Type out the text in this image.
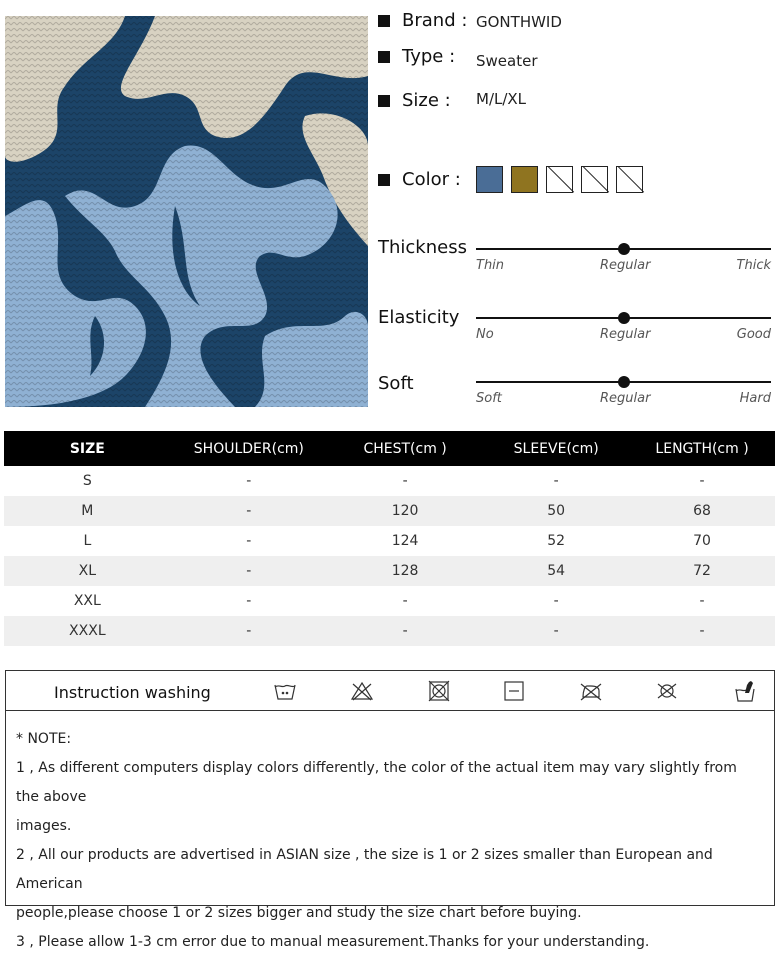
Brand : GONTHWID
Type :	Sweater
Size :	M/L/XL
Color :
Thickness
Thin	Regular	Thick
Elasticity
No	Regular	Good
Soft
Soft	Regular	Hard
SIZE	SHOULDER(cm)	CHEST(cm )	SLEEVE(cm)	LENGTH(cm )
S	-	-	-	-
M	-	120	50	68
L	-	124	52	70
XL	-	128	54	72
XXL	-	-	-	-
XXXL	-	-	-	-
Instruction washing

* NOTE:

1 , As different computers display colors differently, the color of the actual item may vary slightly from the above

images.

2 , All our products are advertised in ASIAN size , the size is 1 or 2 sizes smaller than European and American

people,please choose 1 or 2 sizes bigger and study the size chart before buying.

3 , Please allow 1-3 cm error due to manual measurement.Thanks for your understanding.
